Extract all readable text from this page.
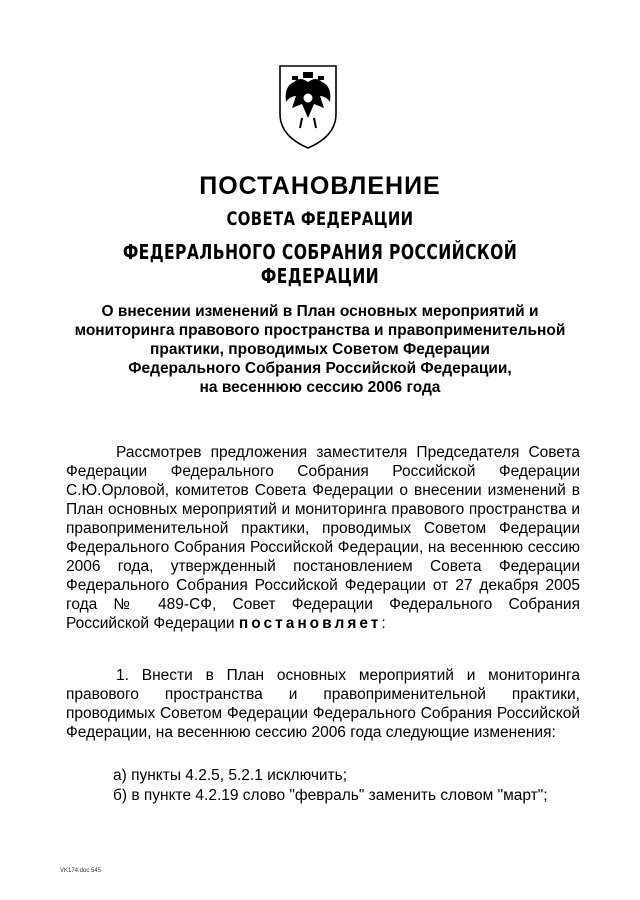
ПОСТАНОВЛЕНИЕ
СОВЕТА ФЕДЕРАЦИИ
ФЕДЕРАЛЬНОГО СОБРАНИЯ РОССИЙСКОЙ ФЕДЕРАЦИИ
О внесении изменений в План основных мероприятий и
мониторинга правового пространства и правоприменительной
практики, проводимых Советом Федерации
Федерального Собрания Российской Федерации,
на весеннюю сессию 2006 года

Рассмотрев предложения заместителя Председателя Совета Федерации Федерального Собрания Российской Федерации С.Ю.Орловой, комитетов Совета Федерации о внесении изменений в План основных мероприятий и мониторинга правового пространства и правоприменительной практики, проводимых Советом Федерации Федерального Собрания Российской Федерации, на весеннюю сессию 2006 года, утвержденный постановлением Совета Федерации Федерального Собрания Российской Федерации от 27 декабря 2005 года № 489-СФ, Совет Федерации Федерального Собрания Российской Федерации постановляет:

1. Внести в План основных мероприятий и мониторинга правового пространства и правоприменительной практики, проводимых Советом Федерации Федерального Собрания Российской Федерации, на весеннюю сессию 2006 года следующие изменения:

а) пункты 4.2.5, 5.2.1 исключить;

б) в пункте 4.2.19 слово "февраль" заменить словом "март";

VK174.doc 545
